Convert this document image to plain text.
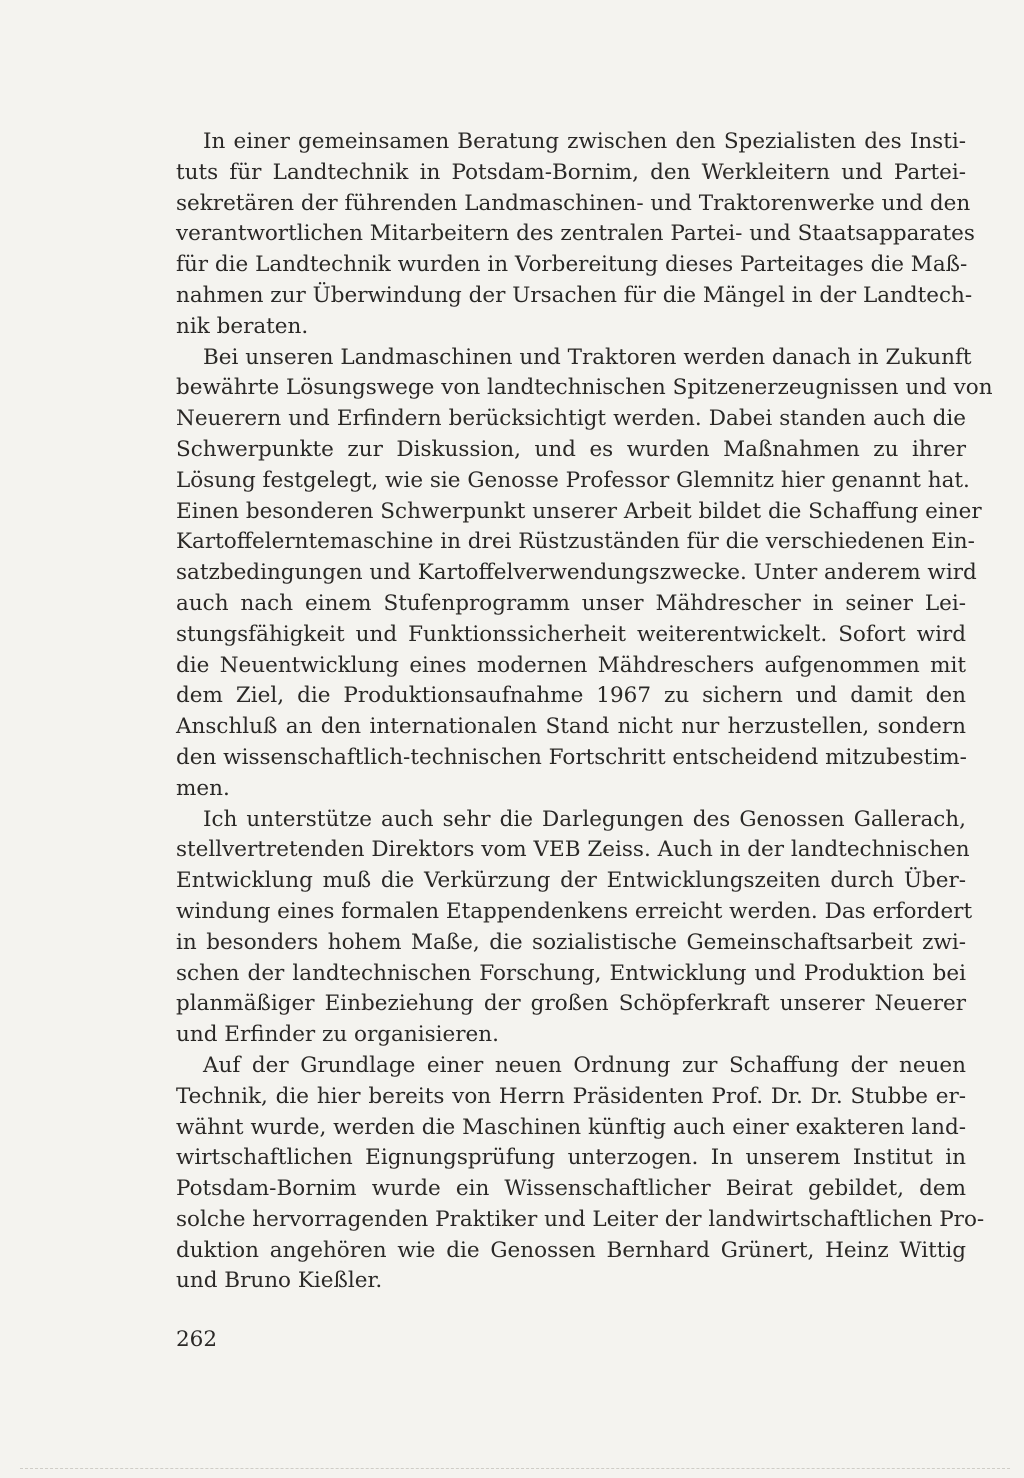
In einer gemeinsamen Beratung zwischen den Spezialisten des Insti-
tuts für Landtechnik in Potsdam-Bornim, den Werkleitern und Partei-
sekretären der führenden Landmaschinen- und Traktorenwerke und den
verantwortlichen Mitarbeitern des zentralen Partei- und Staatsapparates
für die Landtechnik wurden in Vorbereitung dieses Parteitages die Maß-
nahmen zur Überwindung der Ursachen für die Mängel in der Landtech-
nik beraten.

Bei unseren Landmaschinen und Traktoren werden danach in Zukunft
bewährte Lösungswege von landtechnischen Spitzenerzeugnissen und von
Neuerern und Erfindern berücksichtigt werden. Dabei standen auch die
Schwerpunkte zur Diskussion, und es wurden Maßnahmen zu ihrer
Lösung festgelegt, wie sie Genosse Professor Glemnitz hier genannt hat.
Einen besonderen Schwerpunkt unserer Arbeit bildet die Schaffung einer
Kartoffelerntemaschine in drei Rüstzuständen für die verschiedenen Ein-
satzbedingungen und Kartoffelverwendungszwecke. Unter anderem wird
auch nach einem Stufenprogramm unser Mähdrescher in seiner Lei-
stungsfähigkeit und Funktionssicherheit weiterentwickelt. Sofort wird
die Neuentwicklung eines modernen Mähdreschers aufgenommen mit
dem Ziel, die Produktionsaufnahme 1967 zu sichern und damit den
Anschluß an den internationalen Stand nicht nur herzustellen, sondern
den wissenschaftlich-technischen Fortschritt entscheidend mitzubestim-
men.

Ich unterstütze auch sehr die Darlegungen des Genossen Gallerach,
stellvertretenden Direktors vom VEB Zeiss. Auch in der landtechnischen
Entwicklung muß die Verkürzung der Entwicklungszeiten durch Über-
windung eines formalen Etappendenkens erreicht werden. Das erfordert
in besonders hohem Maße, die sozialistische Gemeinschaftsarbeit zwi-
schen der landtechnischen Forschung, Entwicklung und Produktion bei
planmäßiger Einbeziehung der großen Schöpferkraft unserer Neuerer
und Erfinder zu organisieren.

Auf der Grundlage einer neuen Ordnung zur Schaffung der neuen
Technik, die hier bereits von Herrn Präsidenten Prof. Dr. Dr. Stubbe er-
wähnt wurde, werden die Maschinen künftig auch einer exakteren land-
wirtschaftlichen Eignungsprüfung unterzogen. In unserem Institut in
Potsdam-Bornim wurde ein Wissenschaftlicher Beirat gebildet, dem
solche hervorragenden Praktiker und Leiter der landwirtschaftlichen Pro-
duktion angehören wie die Genossen Bernhard Grünert, Heinz Wittig
und Bruno Kießler.

262
